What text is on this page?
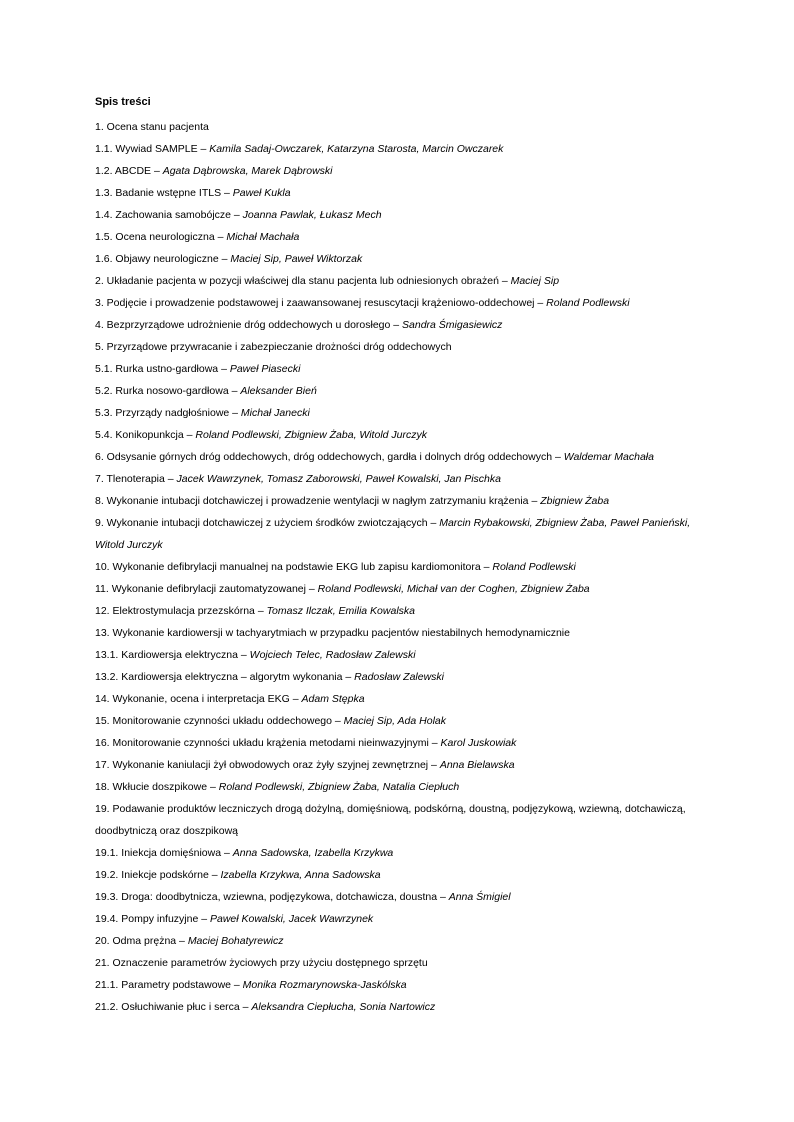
Spis treści
1. Ocena stanu pacjenta
1.1. Wywiad SAMPLE – Kamila Sadaj-Owczarek, Katarzyna Starosta, Marcin Owczarek
1.2. ABCDE – Agata Dąbrowska, Marek Dąbrowski
1.3. Badanie wstępne ITLS – Paweł Kukla
1.4. Zachowania samobójcze – Joanna Pawlak, Łukasz Mech
1.5. Ocena neurologiczna – Michał Machała
1.6. Objawy neurologiczne – Maciej Sip, Paweł Wiktorzak
2. Układanie pacjenta w pozycji właściwej dla stanu pacjenta lub odniesionych obrażeń – Maciej Sip
3. Podjęcie i prowadzenie podstawowej i zaawansowanej resuscytacji krążeniowo-oddechowej – Roland Podlewski
4. Bezprzyrządowe udrożnienie dróg oddechowych u dorosłego – Sandra Śmigasiewicz
5. Przyrządowe przywracanie i zabezpieczanie drożności dróg oddechowych
5.1. Rurka ustno-gardłowa – Paweł Piasecki
5.2. Rurka nosowo-gardłowa – Aleksander Bień
5.3. Przyrządy nadgłośniowe – Michał Janecki
5.4. Konikopunkcja – Roland Podlewski, Zbigniew Żaba, Witold Jurczyk
6. Odsysanie górnych dróg oddechowych, dróg oddechowych, gardła i dolnych dróg oddechowych – Waldemar Machała
7. Tlenoterapia – Jacek Wawrzynek, Tomasz Zaborowski, Paweł Kowalski, Jan Pischka
8. Wykonanie intubacji dotchawiczej i prowadzenie wentylacji w nagłym zatrzymaniu krążenia – Zbigniew Żaba
9. Wykonanie intubacji dotchawiczej z użyciem środków zwiotczających – Marcin Rybakowski, Zbigniew Żaba, Paweł Panieński, Witold Jurczyk
10. Wykonanie defibrylacji manualnej na podstawie EKG lub zapisu kardiomonitora – Roland Podlewski
11. Wykonanie defibrylacji zautomatyzowanej – Roland Podlewski, Michał van der Coghen, Zbigniew Żaba
12. Elektrostymulacja przezskórna – Tomasz Ilczak, Emilia Kowalska
13. Wykonanie kardiowersji w tachyarytmiach w przypadku pacjentów niestabilnych hemodynamicznie
13.1. Kardiowersja elektryczna – Wojciech Telec, Radosław Zalewski
13.2. Kardiowersja elektryczna – algorytm wykonania – Radosław Zalewski
14. Wykonanie, ocena i interpretacja EKG – Adam Stępka
15. Monitorowanie czynności układu oddechowego – Maciej Sip, Ada Holak
16. Monitorowanie czynności układu krążenia metodami nieinwazyjnymi – Karol Juskowiak
17. Wykonanie kaniulacji żył obwodowych oraz żyły szyjnej zewnętrznej – Anna Bielawska
18. Wkłucie doszpikowe – Roland Podlewski, Zbigniew Żaba, Natalia Ciepłuch
19. Podawanie produktów leczniczych drogą dożylną, domięśniową, podskórną, doustną, podjęzykową, wziewną, dotchawiczą, doodbytniczą oraz doszpikową
19.1. Iniekcja domięśniowa – Anna Sadowska, Izabella Krzykwa
19.2. Iniekcje podskórne – Izabella Krzykwa, Anna Sadowska
19.3. Droga: doodbytnicza, wziewna, podjęzykowa, dotchawicza, doustna – Anna Śmigiel
19.4. Pompy infuzyjne – Paweł Kowalski, Jacek Wawrzynek
20. Odma prężna – Maciej Bohatyrewicz
21. Oznaczenie parametrów życiowych przy użyciu dostępnego sprzętu
21.1. Parametry podstawowe – Monika Rozmarynowska-Jaskólska
21.2. Osłuchiwanie płuc i serca – Aleksandra Ciepłucha, Sonia Nartowicz
